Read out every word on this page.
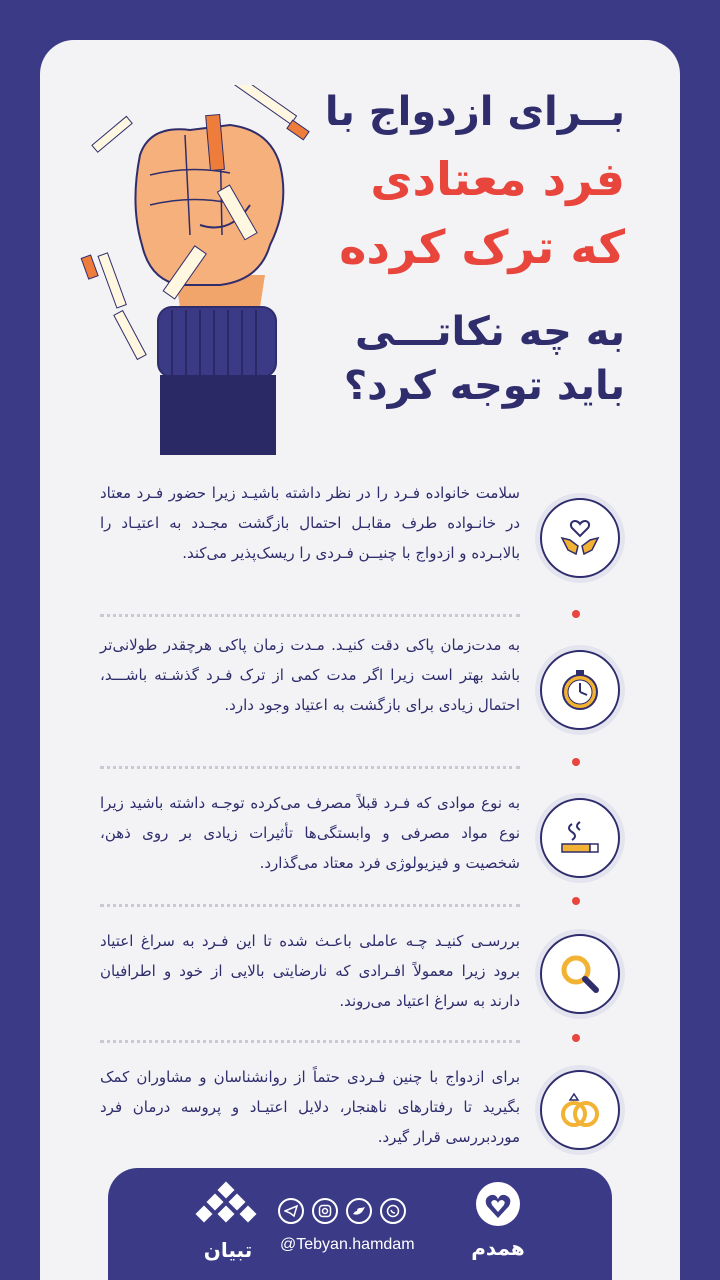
بــرای ازدواج با
فرد معتادی
که ترک کرده
به چه نکاتـــی
باید توجه کرد؟
سلامت خانواده فـرد را در نظر داشته باشیـد زیرا حضور فـرد معتاد در خانـواده طرف مقابـل احتمال بازگشت مجـدد به اعتیـاد را بالابـرده و ازدواج با چنیــن فـردی را ریسک‌پذیر می‌کند.
به مدت‌زمان پاکی دقت کنیـد. مـدت زمان پاکی هرچقدر طولانی‌تر باشد بهتر است زیرا اگر مدت کمی از ترک فـرد گذشـته باشـــد، احتمال زیادی برای بازگشت به اعتیاد وجود دارد.
به نوع موادی که فـرد قبلاً مصرف می‌کرده توجـه داشته باشید زیرا نوع مواد مصرفی و وابستگی‌ها تأثیرات زیادی بر روی ذهن، شخصیت و فیزیولوژی فرد معتاد می‌گذارد.
بررسـی کنیـد چـه عاملی باعـث شده تا این فـرد به سراغ اعتیاد برود زیرا معمولاً افـرادی که نارضایتی بالایی از خود و اطرافیان دارند به سراغ اعتیاد می‌روند.
برای ازدواج با چنین فـردی حتماً از روانشناسان و مشاوران کمک بگیرید تا رفتارهای ناهنجار، دلایل اعتیـاد و پروسه درمان فرد موردبررسی قرار گیرد.
تبیان	@Tebyan.hamdam	همدم
